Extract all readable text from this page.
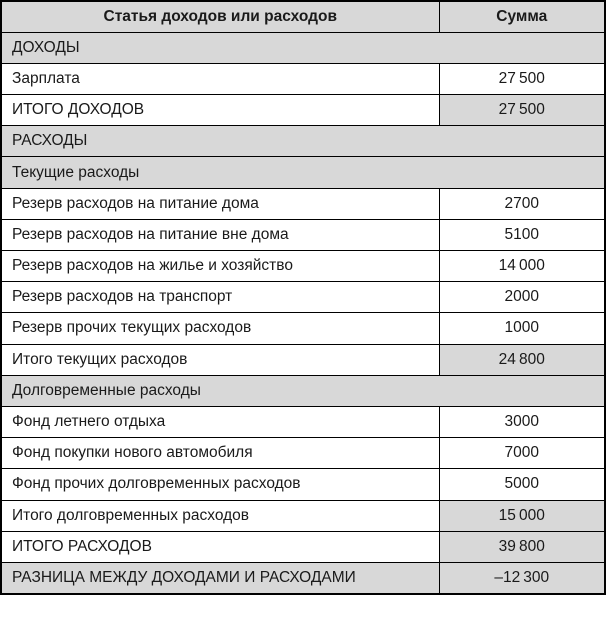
Статья доходов или расходов	Сумма
ДОХОДЫ	
Зарплата	27 500
ИТОГО ДОХОДОВ	27 500
РАСХОДЫ	
Текущие расходы	
Резерв расходов на питание дома	2700
Резерв расходов на питание вне дома	5100
Резерв расходов на жилье и хозяйство	14 000
Резерв расходов на транспорт	2000
Резерв прочих текущих расходов	1000
Итого текущих расходов	24 800
Долговременные расходы	
Фонд летнего отдыха	3000
Фонд покупки нового автомобиля	7000
Фонд прочих долговременных расходов	5000
Итого долговременных расходов	15 000
ИТОГО РАСХОДОВ	39 800
РАЗНИЦА МЕЖДУ ДОХОДАМИ И РАСХОДАМИ	–12 300
